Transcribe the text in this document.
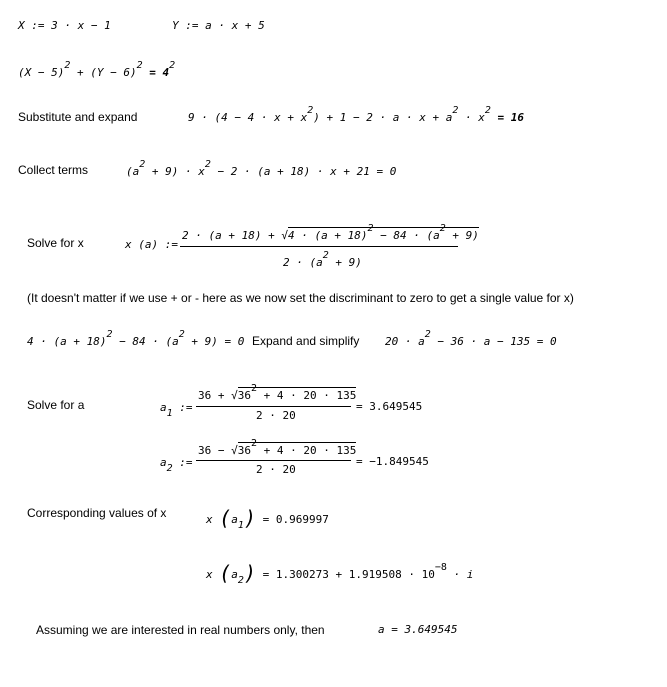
X := 3 · x − 1	Y := a · x + 5
(X − 5)2 + (Y − 6)2 = 42
Substitute and expand	9 · (4 − 4 · x + x2) + 1 − 2 · a · x + a2 · x2 = 16
Collect terms	(a2 + 9) · x2 − 2 · (a + 18) · x + 21 = 0
Solve for x	x (a) :=
2 · (a + 18) + √4 · (a + 18)2 − 84 · (a2 + 9)
2 · (a2 + 9)
(It doesn't matter if we use + or - here as we now set the discriminant to zero to get a single value for x)
4 · (a + 18)2 − 84 · (a2 + 9) = 0 Expand and simplify 20 · a2 − 36 · a − 135 = 0
Solve for a	a1 :=
36 + √362 + 4 · 20 · 135
2 · 20
= 3.649545
a2 :=
36 − √362 + 4 · 20 · 135
2 · 20
= −1.849545
Corresponding values of x	x (a1) = 0.969997
x (a2) = 1.300273 + 1.919508 · 10−8 · i
Assuming we are interested in real numbers only, then	a = 3.649545
